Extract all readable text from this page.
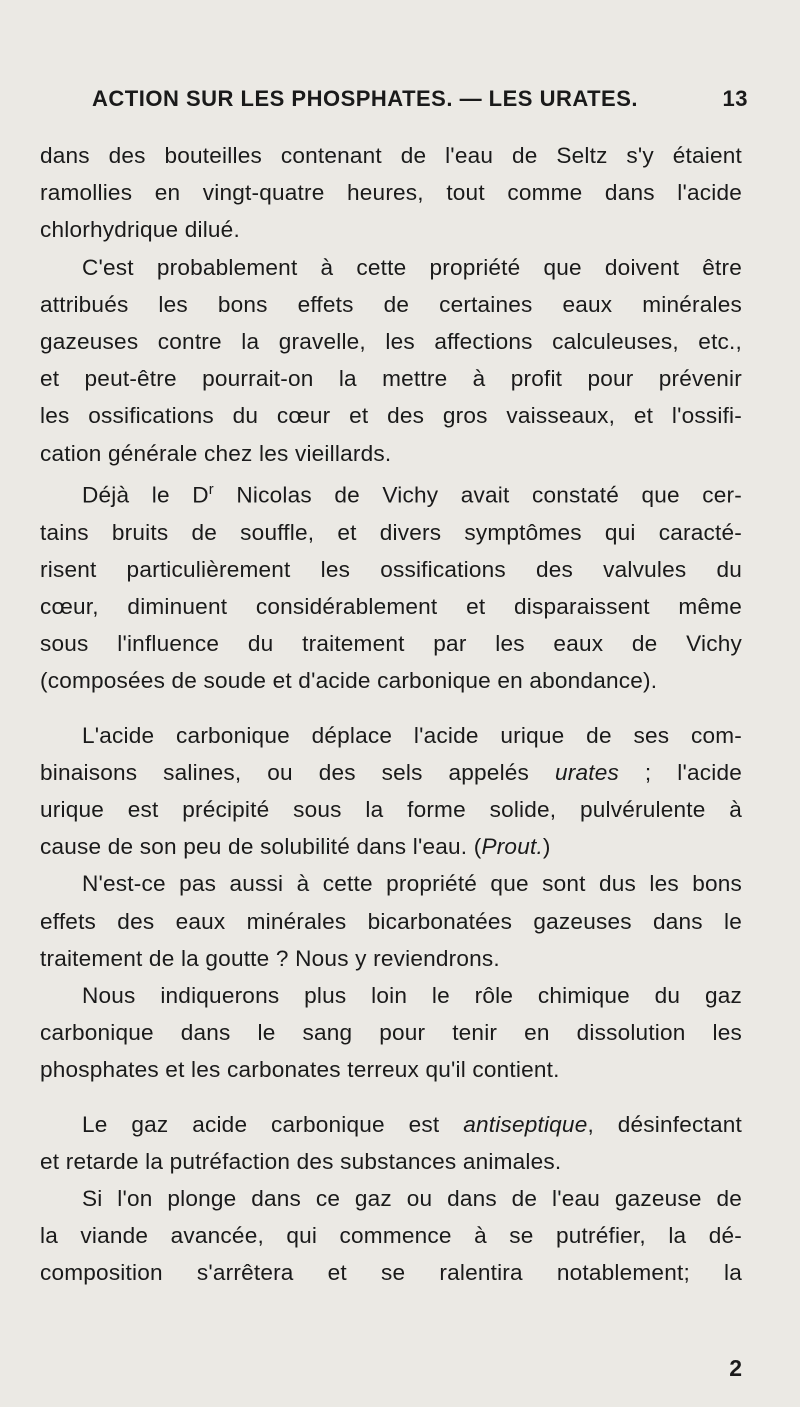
ACTION SUR LES PHOSPHATES. — LES URATES.	13

dans des bouteilles contenant de l'eau de Seltz s'y étaient
ramollies en vingt-quatre heures, tout comme dans l'acide
chlorhydrique dilué.

C'est probablement à cette propriété que doivent être
attribués les bons effets de certaines eaux minérales
gazeuses contre la gravelle, les affections calculeuses, etc.,
et peut-être pourrait-on la mettre à profit pour prévenir
les ossifications du cœur et des gros vaisseaux, et l'ossifi-
cation générale chez les vieillards.

Déjà le $D^r$ Nicolas de Vichy avait constaté que cer-
tains bruits de souffle, et divers symptômes qui caracté-
risent particulièrement les ossifications des valvules du
cœur, diminuent considérablement et disparaissent même
sous l'influence du traitement par les eaux de Vichy
(composées de soude et d'acide carbonique en abondance).

L'acide carbonique déplace l'acide urique de ses com-
binaisons salines, ou des sels appelés urates ; l'acide
urique est précipité sous la forme solide, pulvérulente à
cause de son peu de solubilité dans l'eau. (Prout.)

N'est-ce pas aussi à cette propriété que sont dus les bons
effets des eaux minérales bicarbonatées gazeuses dans le
traitement de la goutte ? Nous y reviendrons.

Nous indiquerons plus loin le rôle chimique du gaz
carbonique dans le sang pour tenir en dissolution les
phosphates et les carbonates terreux qu'il contient.

Le gaz acide carbonique est antiseptique, désinfectant
et retarde la putréfaction des substances animales.

Si l'on plonge dans ce gaz ou dans de l'eau gazeuse de
la viande avancée, qui commence à se putréfier, la dé-
composition s'arrêtera et se ralentira notablement; la

2
